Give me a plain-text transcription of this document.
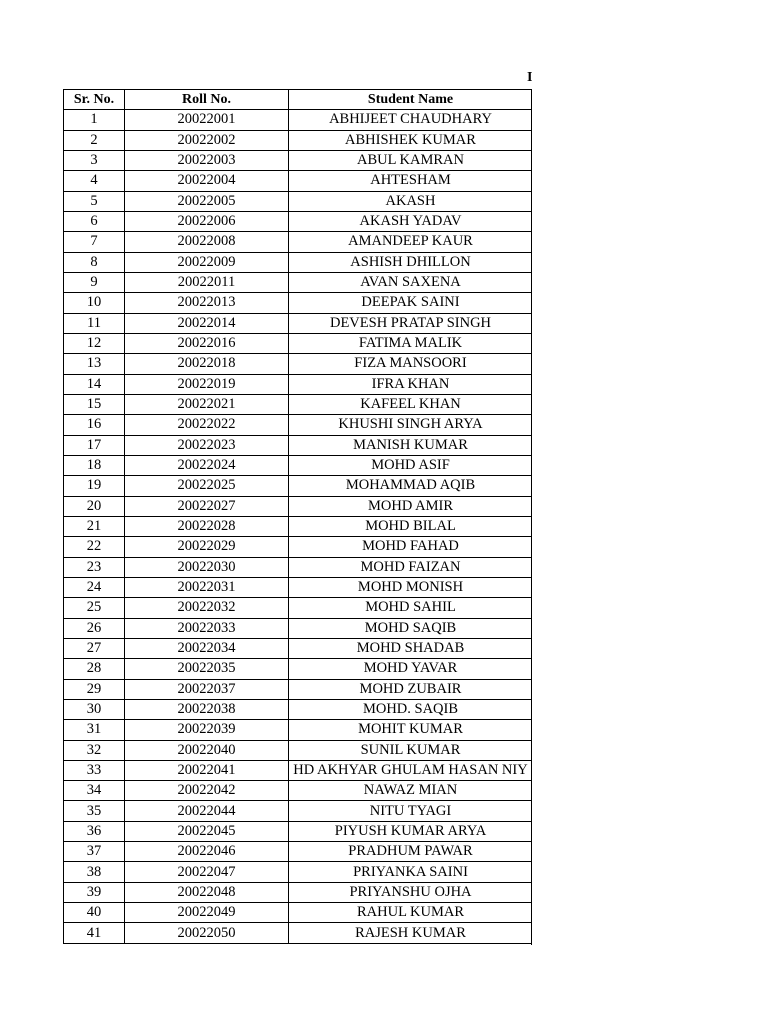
I
Sr. No.	Roll No.	Student Name
1	20022001	ABHIJEET CHAUDHARY
2	20022002	ABHISHEK KUMAR
3	20022003	ABUL KAMRAN
4	20022004	AHTESHAM
5	20022005	AKASH
6	20022006	AKASH YADAV
7	20022008	AMANDEEP KAUR
8	20022009	ASHISH DHILLON
9	20022011	AVAN SAXENA
10	20022013	DEEPAK SAINI
11	20022014	DEVESH PRATAP SINGH
12	20022016	FATIMA MALIK
13	20022018	FIZA MANSOORI
14	20022019	IFRA KHAN
15	20022021	KAFEEL KHAN
16	20022022	KHUSHI SINGH ARYA
17	20022023	MANISH KUMAR
18	20022024	MOHD ASIF
19	20022025	MOHAMMAD AQIB
20	20022027	MOHD AMIR
21	20022028	MOHD BILAL
22	20022029	MOHD FAHAD
23	20022030	MOHD FAIZAN
24	20022031	MOHD MONISH
25	20022032	MOHD SAHIL
26	20022033	MOHD SAQIB
27	20022034	MOHD SHADAB
28	20022035	MOHD YAVAR
29	20022037	MOHD ZUBAIR
30	20022038	MOHD. SAQIB
31	20022039	MOHIT KUMAR
32	20022040	SUNIL KUMAR
33	20022041	HD AKHYAR GHULAM HASAN NIY
34	20022042	NAWAZ MIAN
35	20022044	NITU TYAGI
36	20022045	PIYUSH KUMAR ARYA
37	20022046	PRADHUM PAWAR
38	20022047	PRIYANKA SAINI
39	20022048	PRIYANSHU OJHA
40	20022049	RAHUL KUMAR
41	20022050	RAJESH KUMAR
